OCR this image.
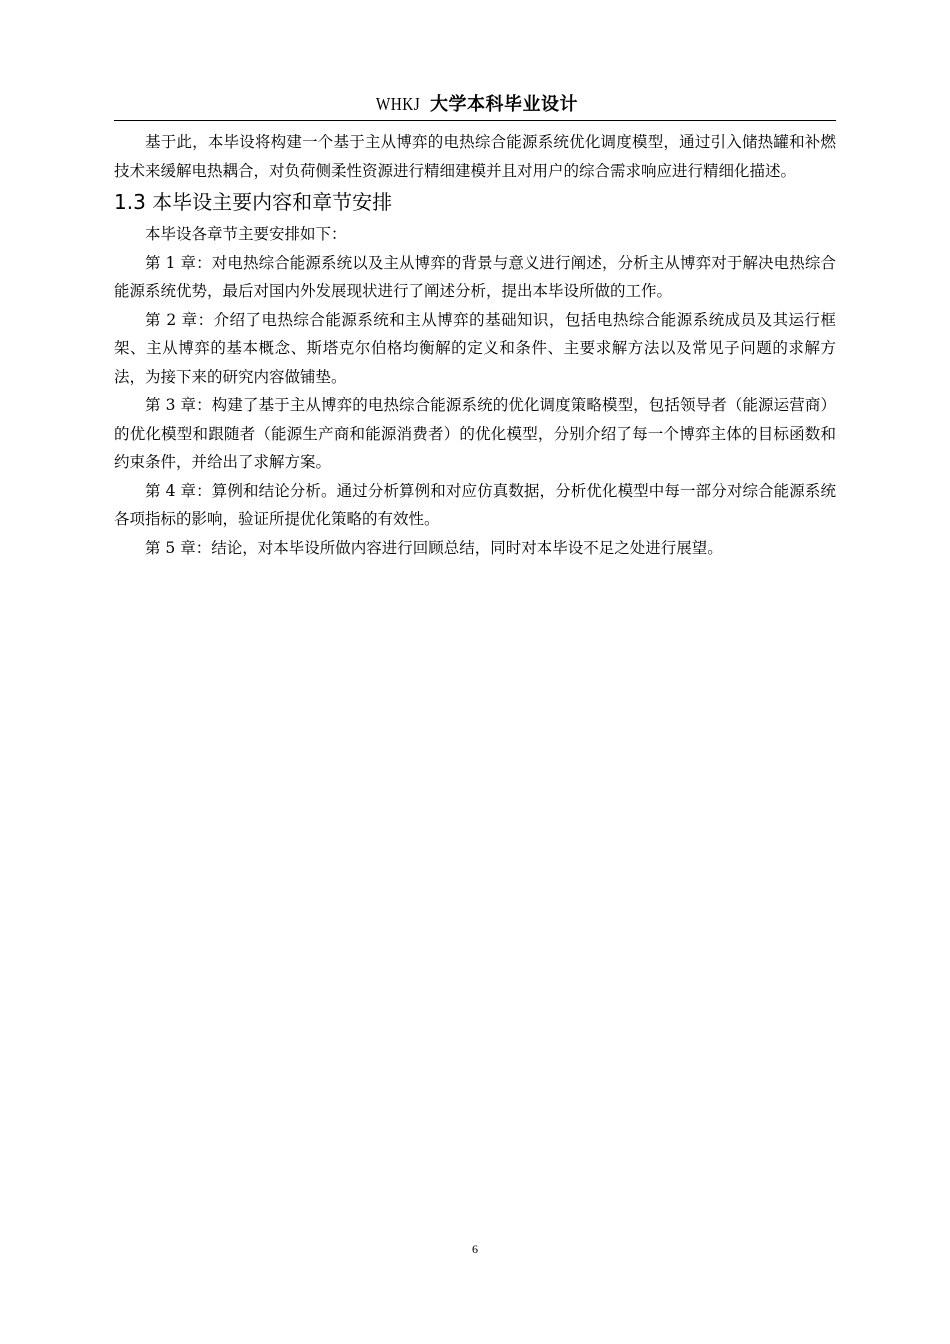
WHKJ 大学本科毕业设计

基于此，本毕设将构建一个基于主从博弈的电热综合能源系统优化调度模型，通过引入储热罐和补燃技术来缓解电热耦合，对负荷侧柔性资源进行精细建模并且对用户的综合需求响应进行精细化描述。

1.3 本毕设主要内容和章节安排

本毕设各章节主要安排如下：

第 1 章：对电热综合能源系统以及主从博弈的背景与意义进行阐述，分析主从博弈对于解决电热综合能源系统优势，最后对国内外发展现状进行了阐述分析，提出本毕设所做的工作。

第 2 章：介绍了电热综合能源系统和主从博弈的基础知识，包括电热综合能源系统成员及其运行框架、主从博弈的基本概念、斯塔克尔伯格均衡解的定义和条件、主要求解方法以及常见子问题的求解方法，为接下来的研究内容做铺垫。

第 3 章：构建了基于主从博弈的电热综合能源系统的优化调度策略模型，包括领导者（能源运营商）的优化模型和跟随者（能源生产商和能源消费者）的优化模型，分别介绍了每一个博弈主体的目标函数和约束条件，并给出了求解方案。

第 4 章：算例和结论分析。通过分析算例和对应仿真数据，分析优化模型中每一部分对综合能源系统各项指标的影响，验证所提优化策略的有效性。

第 5 章：结论，对本毕设所做内容进行回顾总结，同时对本毕设不足之处进行展望。

6
